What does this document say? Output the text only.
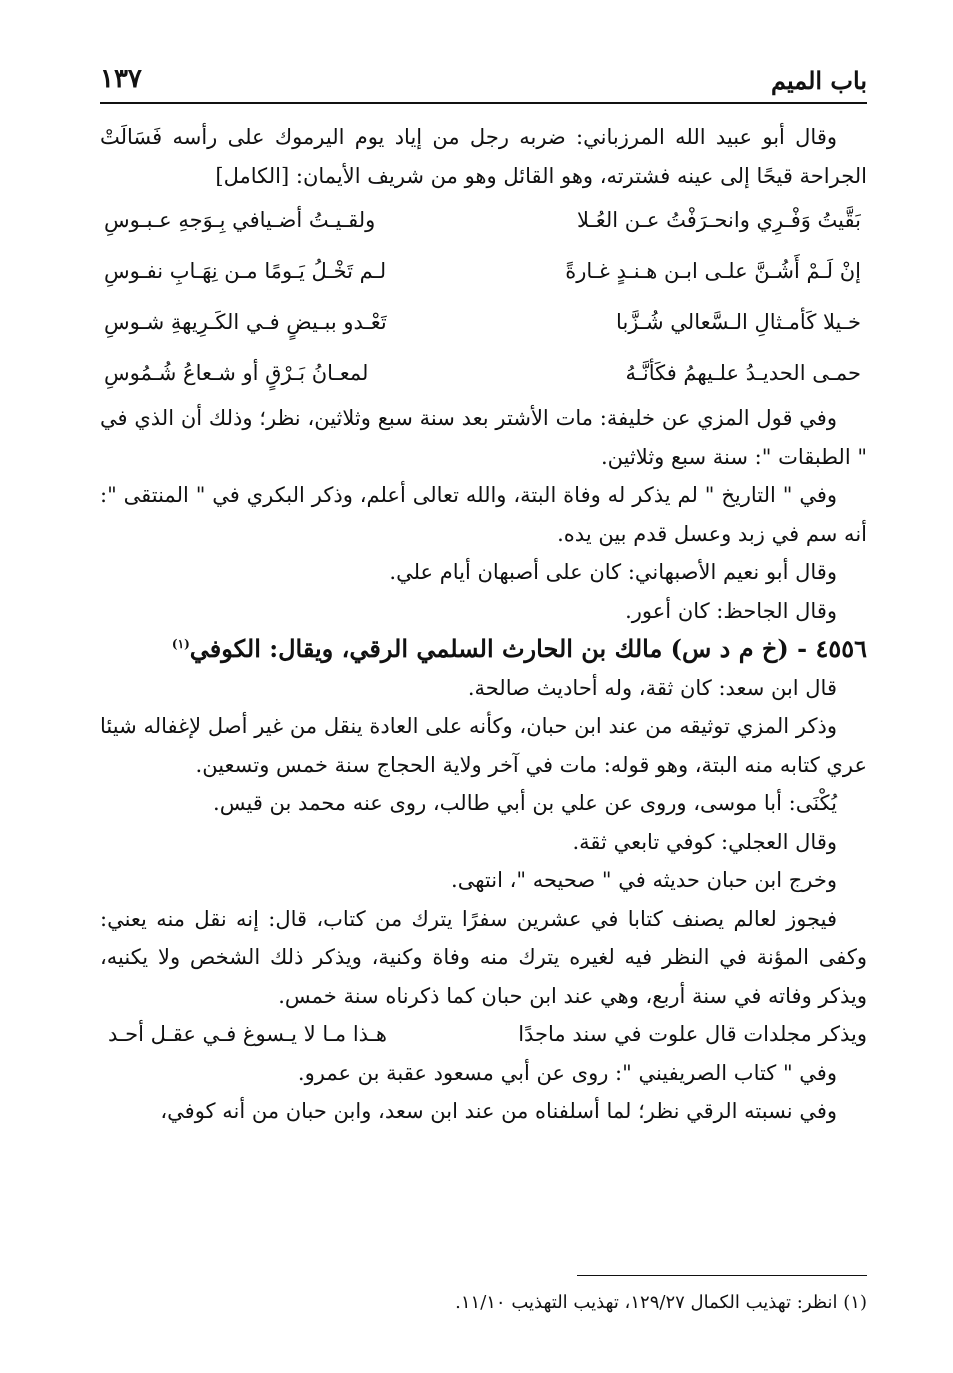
باب الميم
١٣٧

وقال أبو عبيد الله المرزباني: ضربه رجل من إياد يوم اليرموك على رأسه فَسَالَتْ الجراحة قيحًا إلى عينه فشترته، وهو القائل وهو من شريف الأيمان: [الكامل]

بَقَّيتُ وَفْـرِي وانحـرَفْتُ عـن العُـلا
ولقـيـتُ أضـيافي بِـوَجهِ عـبـوسِ
إنْ لَـمْ أَشُـنَّ علـى ابـن هـنـدٍ غـارةً
لـم تَخْـلُ يَـومًا مـن نِهَـابِ نفـوسِ
خـيلا كَأمـثالِ الـسَّعالي شُـزَّبا
تَعْـدو ببـيضٍ فـي الكَـرِيهةِ شـوسِ
حمـى الحديـدُ علـيهمُ فكَأنَّـهُ
لمعـانُ بَـرْقٍ أو شـعاعُ شُـمُوسِ

وفي قول المزي عن خليفة: مات الأشتر بعد سنة سبع وثلاثين، نظر؛ وذلك أن الذي في " الطبقات ": سنة سبع وثلاثين.

وفي " التاريخ " لم يذكر له وفاة البتة، والله تعالى أعلم، وذكر البكري في " المنتقى ": أنه سم في زبد وعسل قدم بين يده.

وقال أبو نعيم الأصبهاني: كان على أصبهان أيام علي.

وقال الجاحظ: كان أعور.

٤٥٥٦ - (خ م د س) مالك بن الحارث السلمي الرقي، ويقال: الكوفي$^{(١)}$

قال ابن سعد: كان ثقة، وله أحاديث صالحة.

وذكر المزي توثيقه من عند ابن حبان، وكأنه على العادة ينقل من غير أصل لإغفاله شيئا عري كتابه منه البتة، وهو قوله: مات في آخر ولاية الحجاج سنة خمس وتسعين.

يُكْنَى: أبا موسى، وروى عن علي بن أبي طالب، روى عنه محمد بن قيس.

وقال العجلي: كوفي تابعي ثقة.

وخرج ابن حبان حديثه في " صحيحه "، انتهى.

فيجوز لعالم يصنف كتابا في عشرين سفرًا يترك من كتاب، قال: إنه نقل منه يعني: وكفى المؤنة في النظر فيه لغيره يترك منه وفاة وكنية، ويذكر ذلك الشخص ولا يكنيه، ويذكر وفاته في سنة أربع، وهي عند ابن حبان كما ذكرناه سنة خمس.

ويذكر مجلدات قال علوت في سند ماجدًا
هـذا مـا لا يـسوغ فـي عقـل أحـد

وفي " كتاب الصريفيني ": روى عن أبي مسعود عقبة بن عمرو.

وفي نسبته الرقي نظر؛ لما أسلفناه من عند ابن سعد، وابن حبان من أنه كوفي،

(١) انظر: تهذيب الكمال ١٢٩/٢٧، تهذيب التهذيب ١١/١٠.
